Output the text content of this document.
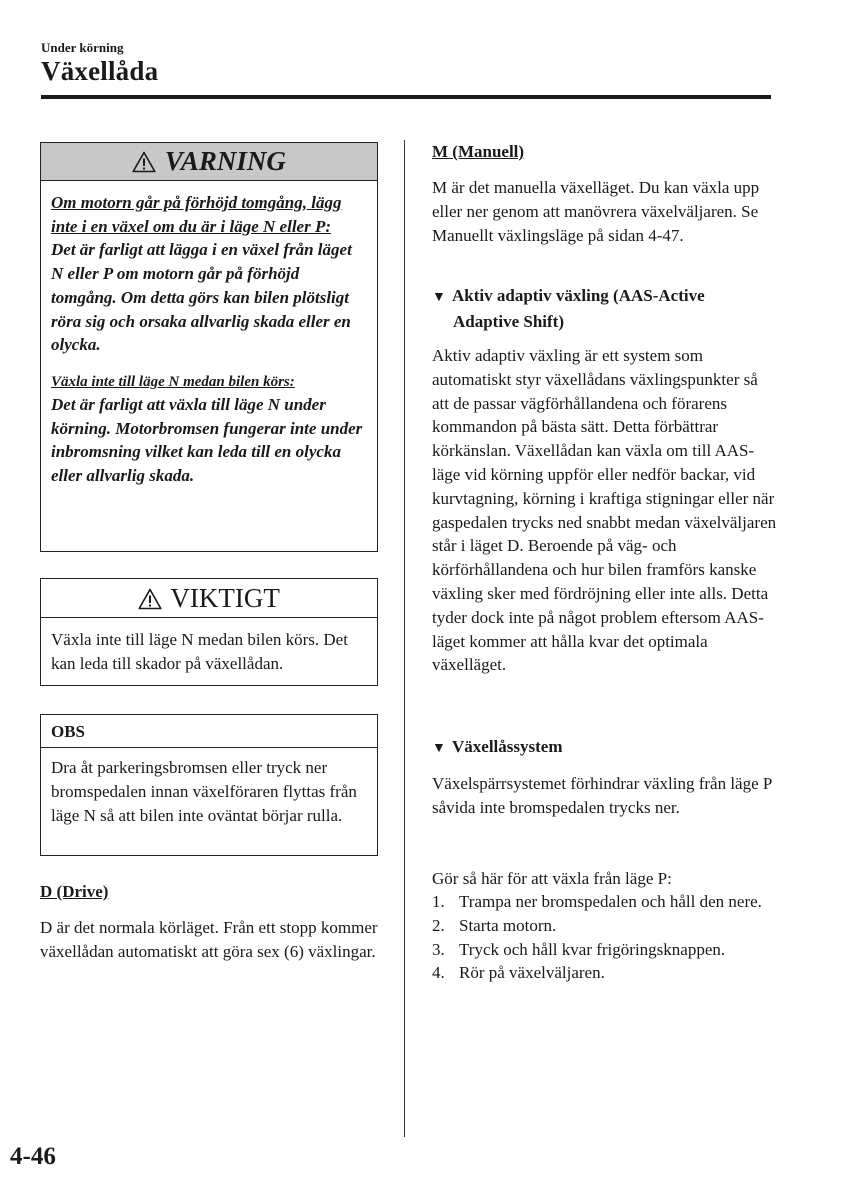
Under körning
Växellåda
VARNING

Om motorn går på förhöjd tomgång, lägg inte i en växel om du är i läge N eller P:

Det är farligt att lägga i en växel från läget N eller P om motorn går på förhöjd tomgång. Om detta görs kan bilen plötsligt röra sig och orsaka allvarlig skada eller en olycka.

Växla inte till läge N medan bilen körs:

Det är farligt att växla till läge N under körning. Motorbromsen fungerar inte under inbromsning vilket kan leda till en olycka eller allvarlig skada.

VIKTIGT
Växla inte till läge N medan bilen körs. Det kan leda till skador på växellådan.
OBS
Dra åt parkeringsbromsen eller tryck ner bromspedalen innan växelföraren flyttas från läge N så att bilen inte oväntat börjar rulla.
D (Drive)

D är det normala körläget. Från ett stopp kommer växellådan automatiskt att göra sex (6) växlingar.

M (Manuell)

M är det manuella växelläget. Du kan växla upp eller ner genom att manövrera växelväljaren. Se Manuellt växlingsläge på sidan 4-47.

▼ Aktiv adaptiv växling (AAS-Active
Adaptive Shift)

Aktiv adaptiv växling är ett system som automatiskt styr växellådans växlingspunkter så att de passar vägförhållandena och förarens kommandon på bästa sätt. Detta förbättrar körkänslan. Växellådan kan växla om till AAS-läge vid körning uppför eller nedför backar, vid kurvtagning, körning i kraftiga stigningar eller när gaspedalen trycks ned snabbt medan växelväljaren står i läget D. Beroende på väg- och körförhållandena och hur bilen framförs kanske växling sker med fördröjning eller inte alls. Detta tyder dock inte på något problem eftersom AAS-läget kommer att hålla kvar det optimala växelläget.

▼ Växellåssystem

Växelspärrsystemet förhindrar växling från läge P såvida inte bromspedalen trycks ner.

Gör så här för att växla från läge P:

1. Trampa ner bromspedalen och håll den nere.
2. Starta motorn.
3. Tryck och håll kvar frigöringsknappen.
4. Rör på växelväljaren.
4-46
